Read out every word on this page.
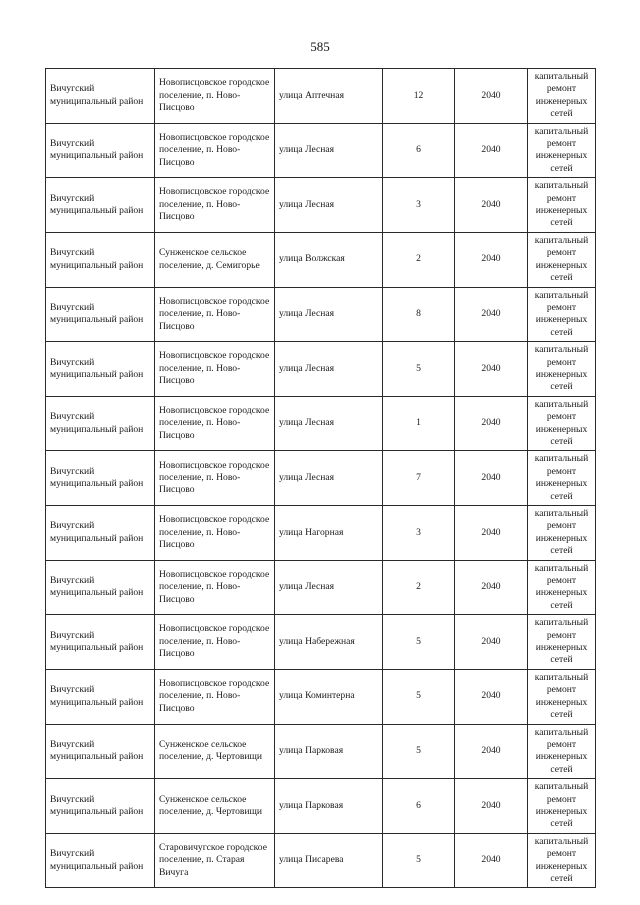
585
Вичугский муниципальный район	Новописцовское городское поселение, п. Ново-Писцово	улица Аптечная	12	2040	капитальный ремонт инженерных сетей
Вичугский муниципальный район	Новописцовское городское поселение, п. Ново-Писцово	улица Лесная	6	2040	капитальный ремонт инженерных сетей
Вичугский муниципальный район	Новописцовское городское поселение, п. Ново-Писцово	улица Лесная	3	2040	капитальный ремонт инженерных сетей
Вичугский муниципальный район	Сунженское сельское поселение, д. Семигорье	улица Волжская	2	2040	капитальный ремонт инженерных сетей
Вичугский муниципальный район	Новописцовское городское поселение, п. Ново-Писцово	улица Лесная	8	2040	капитальный ремонт инженерных сетей
Вичугский муниципальный район	Новописцовское городское поселение, п. Ново-Писцово	улица Лесная	5	2040	капитальный ремонт инженерных сетей
Вичугский муниципальный район	Новописцовское городское поселение, п. Ново-Писцово	улица Лесная	1	2040	капитальный ремонт инженерных сетей
Вичугский муниципальный район	Новописцовское городское поселение, п. Ново-Писцово	улица Лесная	7	2040	капитальный ремонт инженерных сетей
Вичугский муниципальный район	Новописцовское городское поселение, п. Ново-Писцово	улица Нагорная	3	2040	капитальный ремонт инженерных сетей
Вичугский муниципальный район	Новописцовское городское поселение, п. Ново-Писцово	улица Лесная	2	2040	капитальный ремонт инженерных сетей
Вичугский муниципальный район	Новописцовское городское поселение, п. Ново-Писцово	улица Набережная	5	2040	капитальный ремонт инженерных сетей
Вичугский муниципальный район	Новописцовское городское поселение, п. Ново-Писцово	улица Коминтерна	5	2040	капитальный ремонт инженерных сетей
Вичугский муниципальный район	Сунженское сельское поселение, д. Чертовищи	улица Парковая	5	2040	капитальный ремонт инженерных сетей
Вичугский муниципальный район	Сунженское сельское поселение, д. Чертовищи	улица Парковая	6	2040	капитальный ремонт инженерных сетей
Вичугский муниципальный район	Старовичугское городское поселение, п. Старая Вичуга	улица Писарева	5	2040	капитальный ремонт инженерных сетей
